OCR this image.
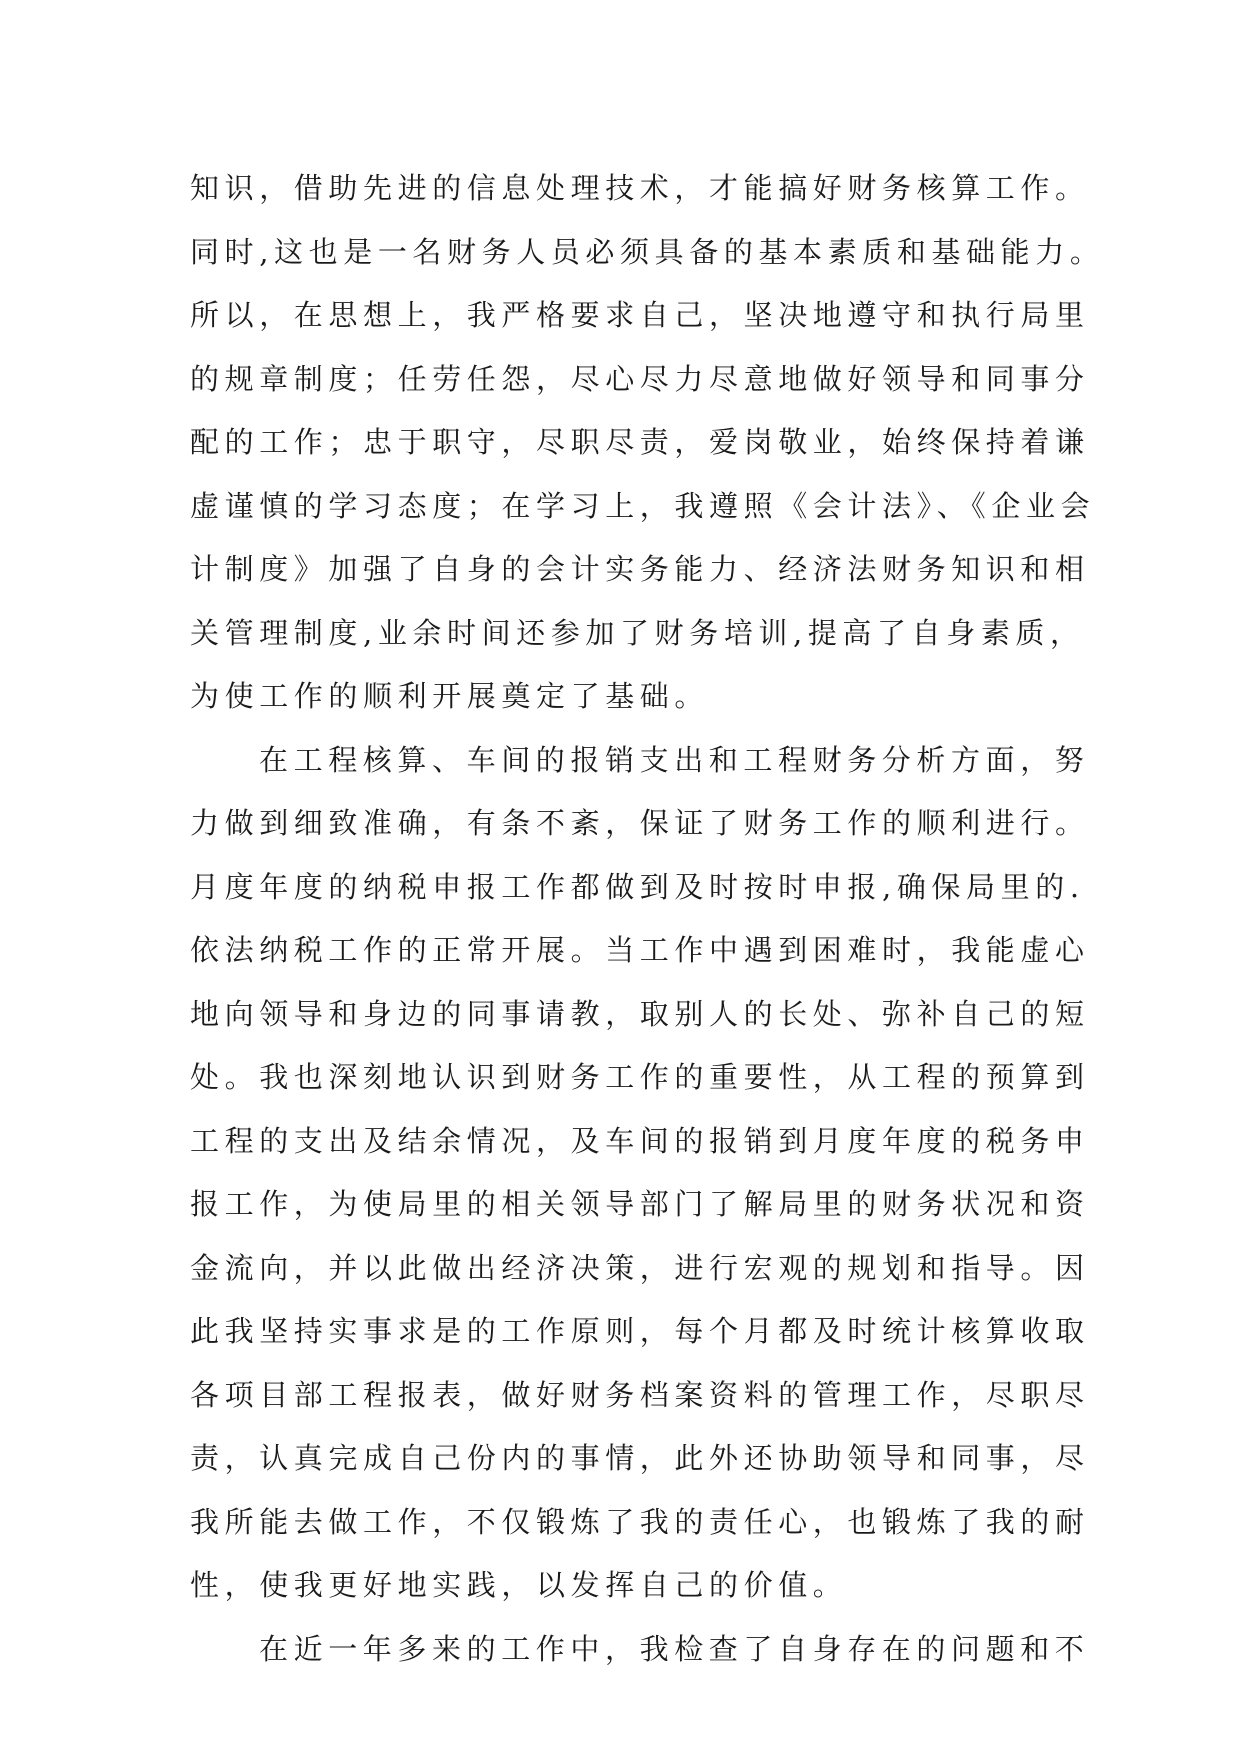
知识，借助先进的信息处理技术，才能搞好财务核算工作。
同时,这也是一名财务人员必须具备的基本素质和基础能力。
所以，在思想上，我严格要求自己，坚决地遵守和执行局里
的规章制度；任劳任怨，尽心尽力尽意地做好领导和同事分
配的工作；忠于职守，尽职尽责，爱岗敬业，始终保持着谦
虚谨慎的学习态度；在学习上，我遵照《会计法》、《企业会
计制度》加强了自身的会计实务能力、经济法财务知识和相
关管理制度,业余时间还参加了财务培训,提高了自身素质，
为使工作的顺利开展奠定了基础。
在工程核算、车间的报销支出和工程财务分析方面，努
力做到细致准确，有条不紊，保证了财务工作的顺利进行。
月度年度的纳税申报工作都做到及时按时申报,确保局里的.
依法纳税工作的正常开展。当工作中遇到困难时，我能虚心
地向领导和身边的同事请教，取别人的长处、弥补自己的短
处。我也深刻地认识到财务工作的重要性，从工程的预算到
工程的支出及结余情况，及车间的报销到月度年度的税务申
报工作，为使局里的相关领导部门了解局里的财务状况和资
金流向，并以此做出经济决策，进行宏观的规划和指导。因
此我坚持实事求是的工作原则，每个月都及时统计核算收取
各项目部工程报表，做好财务档案资料的管理工作，尽职尽
责，认真完成自己份内的事情，此外还协助领导和同事，尽
我所能去做工作，不仅锻炼了我的责任心，也锻炼了我的耐
性，使我更好地实践，以发挥自己的价值。
在近一年多来的工作中，我检查了自身存在的问题和不
